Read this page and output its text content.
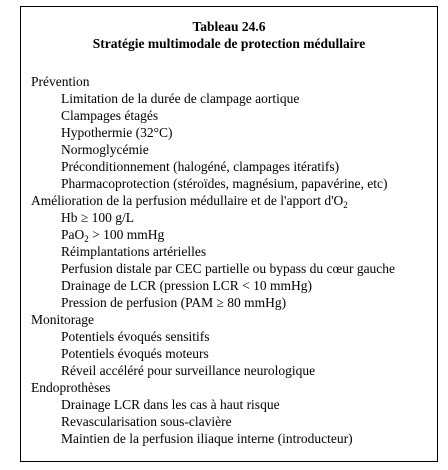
Tableau 24.6
Stratégie multimodale de protection médullaire
Prévention
Limitation de la durée de clampage aortique
Clampages étagés
Hypothermie (32°C)
Normoglycémie
Préconditionnement (halogéné, clampages itératifs)
Pharmacoprotection (stéroïdes, magnésium, papavérine, etc)
Amélioration de la perfusion médullaire et de l'apport $d'O_2$
Hb ≥ 100 g/L
PaO$_2$ > 100 mmHg
Réimplantations artérielles
Perfusion distale par CEC partielle ou bypass du cœur gauche
Drainage de LCR (pression LCR < 10 mmHg)
Pression de perfusion (PAM ≥ 80 mmHg)
Monitorage
Potentiels évoqués sensitifs
Potentiels évoqués moteurs
Réveil accéléré pour surveillance neurologique
Endoprothèses
Drainage LCR dans les cas à haut risque
Revascularisation sous-clavière
Maintien de la perfusion iliaque interne (introducteur)
